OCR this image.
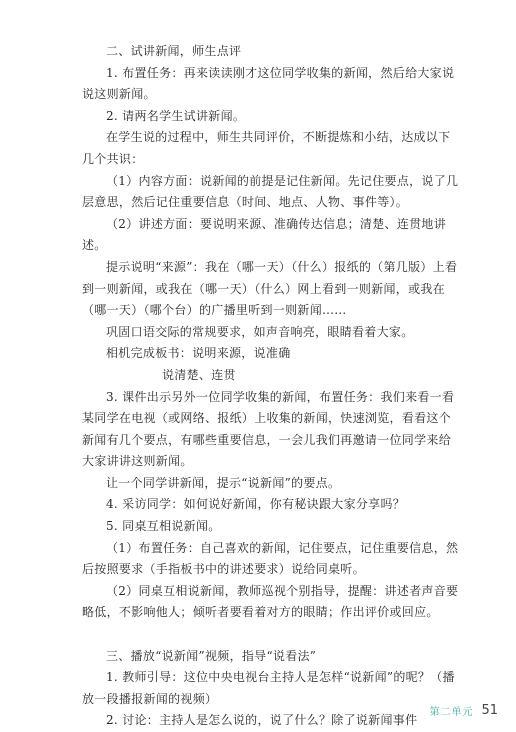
二、试讲新闻，师生点评

1. 布置任务：再来读读刚才这位同学收集的新闻，然后给大家说说这则新闻。

2. 请两名学生试讲新闻。

在学生说的过程中，师生共同评价，不断提炼和小结，达成以下几个共识：

（1）内容方面：说新闻的前提是记住新闻。先记住要点，说了几层意思，然后记住重要信息（时间、地点、人物、事件等）。

（2）讲述方面：要说明来源、准确传达信息；清楚、连贯地讲述。

提示说明“来源”：我在（哪一天）（什么）报纸的（第几版）上看到一则新闻，或我在（哪一天）（什么）网上看到一则新闻，或我在（哪一天）（哪个台）的广播里听到一则新闻……

巩固口语交际的常规要求，如声音响亮，眼睛看着大家。

相机完成板书：说明来源，说准确

说清楚、连贯

3. 课件出示另外一位同学收集的新闻，布置任务：我们来看一看某同学在电视（或网络、报纸）上收集的新闻，快速浏览，看看这个新闻有几个要点，有哪些重要信息，一会儿我们再邀请一位同学来给大家讲讲这则新闻。

让一个同学讲新闻，提示“说新闻”的要点。

4. 采访同学：如何说好新闻，你有秘诀跟大家分享吗？

5. 同桌互相说新闻。

（1）布置任务：自己喜欢的新闻，记住要点，记住重要信息，然后按照要求（手指板书中的讲述要求）说给同桌听。

（2）同桌互相说新闻，教师巡视个别指导，提醒：讲述者声音要略低，不影响他人；倾听者要看着对方的眼睛；作出评价或回应。

三、播放“说新闻”视频，指导“说看法”

1. 教师引导：这位中央电视台主持人是怎样“说新闻”的呢？（播放一段播报新闻的视频）

2. 讨论：主持人是怎么说的，说了什么？除了说新闻事件

第二单元 51
